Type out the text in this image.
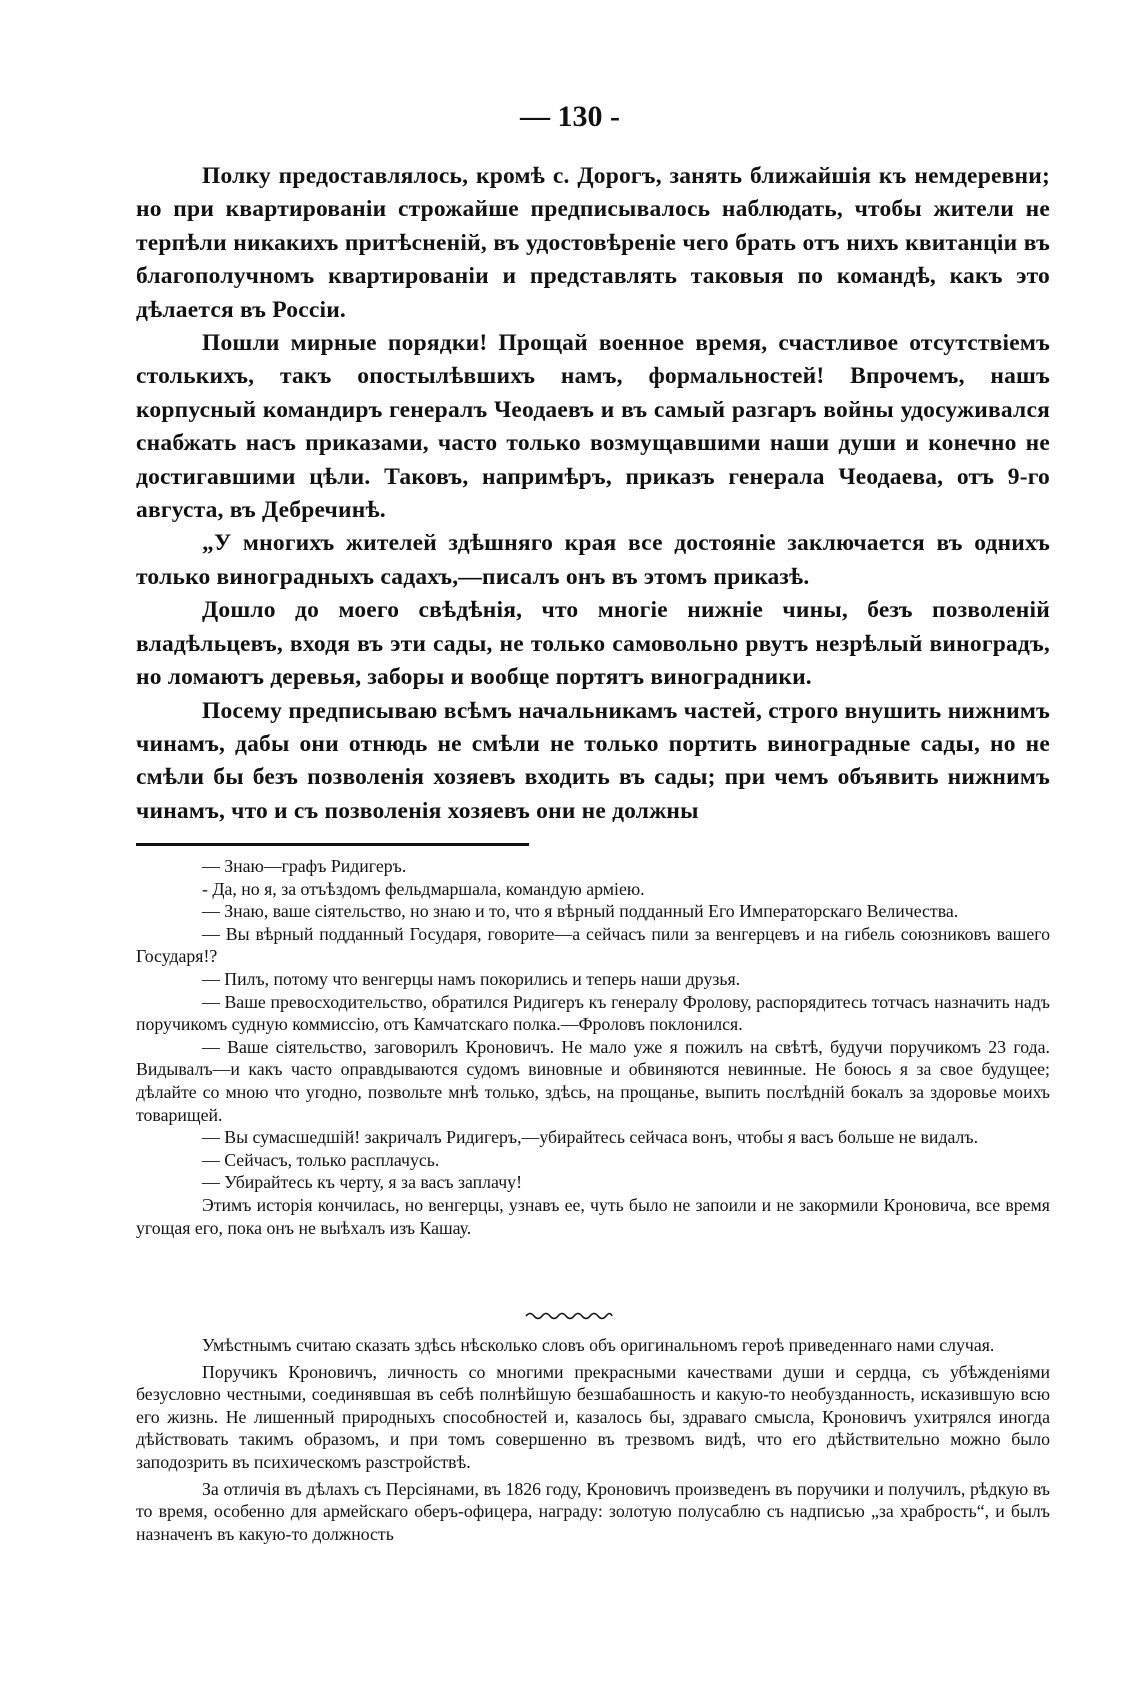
— 130 -

Полку предоставлялось, кромѣ с. Дорогъ, занять ближайшія къ немдеревни; но при квартированіи строжайше предписывалось наблюдать, чтобы жители не терпѣли никакихъ притѣсненій, въ удостовѣреніе чего брать отъ нихъ квитанціи въ благополучномъ квартированіи и представлять таковыя по командѣ, какъ это дѣлается въ Россіи.

Пошли мирные порядки! Прощай военное время, счастливое отсутствіемъ столькихъ, такъ опостылѣвшихъ намъ, формальностей! Впрочемъ, нашъ корпусный командиръ генералъ Чеодаевъ и въ самый разгаръ войны удосуживался снабжать насъ приказами, часто только возмущавшими наши души и конечно не достигавшими цѣли. Таковъ, напримѣръ, приказъ генерала Чеодаева, отъ 9-го августа, въ Дебречинѣ.

„У многихъ жителей здѣшняго края все достояніе заключается въ однихъ только виноградныхъ садахъ,—писалъ онъ въ этомъ приказѣ.

Дошло до моего свѣдѣнія, что многіе нижніе чины, безъ позволеній владѣльцевъ, входя въ эти сады, не только самовольно рвутъ незрѣлый виноградъ, но ломаютъ деревья, заборы и вообще портятъ виноградники.

Посему предписываю всѣмъ начальникамъ частей, строго внушить нижнимъ чинамъ, дабы они отнюдь не смѣли не только портить виноградные сады, но не смѣли бы безъ позволенія хозяевъ входить въ сады; при чемъ объявить нижнимъ чинамъ, что и съ позволенія хозяевъ они не должны

— Знаю—графъ Ридигеръ.

- Да, но я, за отъѣздомъ фельдмаршала, командую арміею.

— Знаю, ваше сіятельство, но знаю и то, что я вѣрный подданный Его Императорскаго Величества.

— Вы вѣрный подданный Государя, говорите—а сейчасъ пили за венгерцевъ и на гибель союзниковъ вашего Государя!?

— Пилъ, потому что венгерцы намъ покорились и теперь наши друзья.

— Ваше превосходительство, обратился Ридигеръ къ генералу Фролову, распорядитесь тотчасъ назначить надъ поручикомъ судную коммиссію, отъ Камчатскаго полка.—Фроловъ поклонился.

— Ваше сіятельство, заговорилъ Кроновичъ. Не мало уже я пожилъ на свѣтѣ, будучи поручикомъ 23 года. Видывалъ—и какъ часто оправдываются судомъ виновные и обвиняются невинные. Не боюсь я за свое будущее; дѣлайте со мною что угодно, позвольте мнѣ только, здѣсь, на прощанье, выпить послѣдній бокалъ за здоровье моихъ товарищей.

— Вы сумасшедшій! закричалъ Ридигеръ,—убирайтесь сейчаса вонъ, чтобы я васъ больше не видалъ.

— Сейчасъ, только расплачусь.

— Убирайтесь къ черту, я за васъ заплачу!

Этимъ исторія кончилась, но венгерцы, узнавъ ее, чуть было не запоили и не закормили Кроновича, все время угощая его, пока онъ не выѣхалъ изъ Кашау.

Умѣстнымъ считаю сказать здѣсь нѣсколько словъ объ оригинальномъ героѣ приведеннаго нами случая.

Поручикъ Кроновичъ, личность со многими прекрасными качествами души и сердца, съ убѣжденіями безусловно честными, соединявшая въ себѣ полнѣйшую безшабашность и какую-то необузданность, исказившую всю его жизнь. Не лишенный природныхъ способностей и, казалось бы, здраваго смысла, Кроновичъ ухитрялся иногда дѣйствовать такимъ образомъ, и при томъ совершенно въ трезвомъ видѣ, что его дѣйствительно можно было заподозрить въ психическомъ разстройствѣ.

За отличія въ дѣлахъ съ Персіянами, въ 1826 году, Кроновичъ произведенъ въ поручики и получилъ, рѣдкую въ то время, особенно для армейскаго оберъ-офицера, награду: золотую полусаблю съ надписью „за храбрость“, и былъ назначенъ въ какую-то должность
